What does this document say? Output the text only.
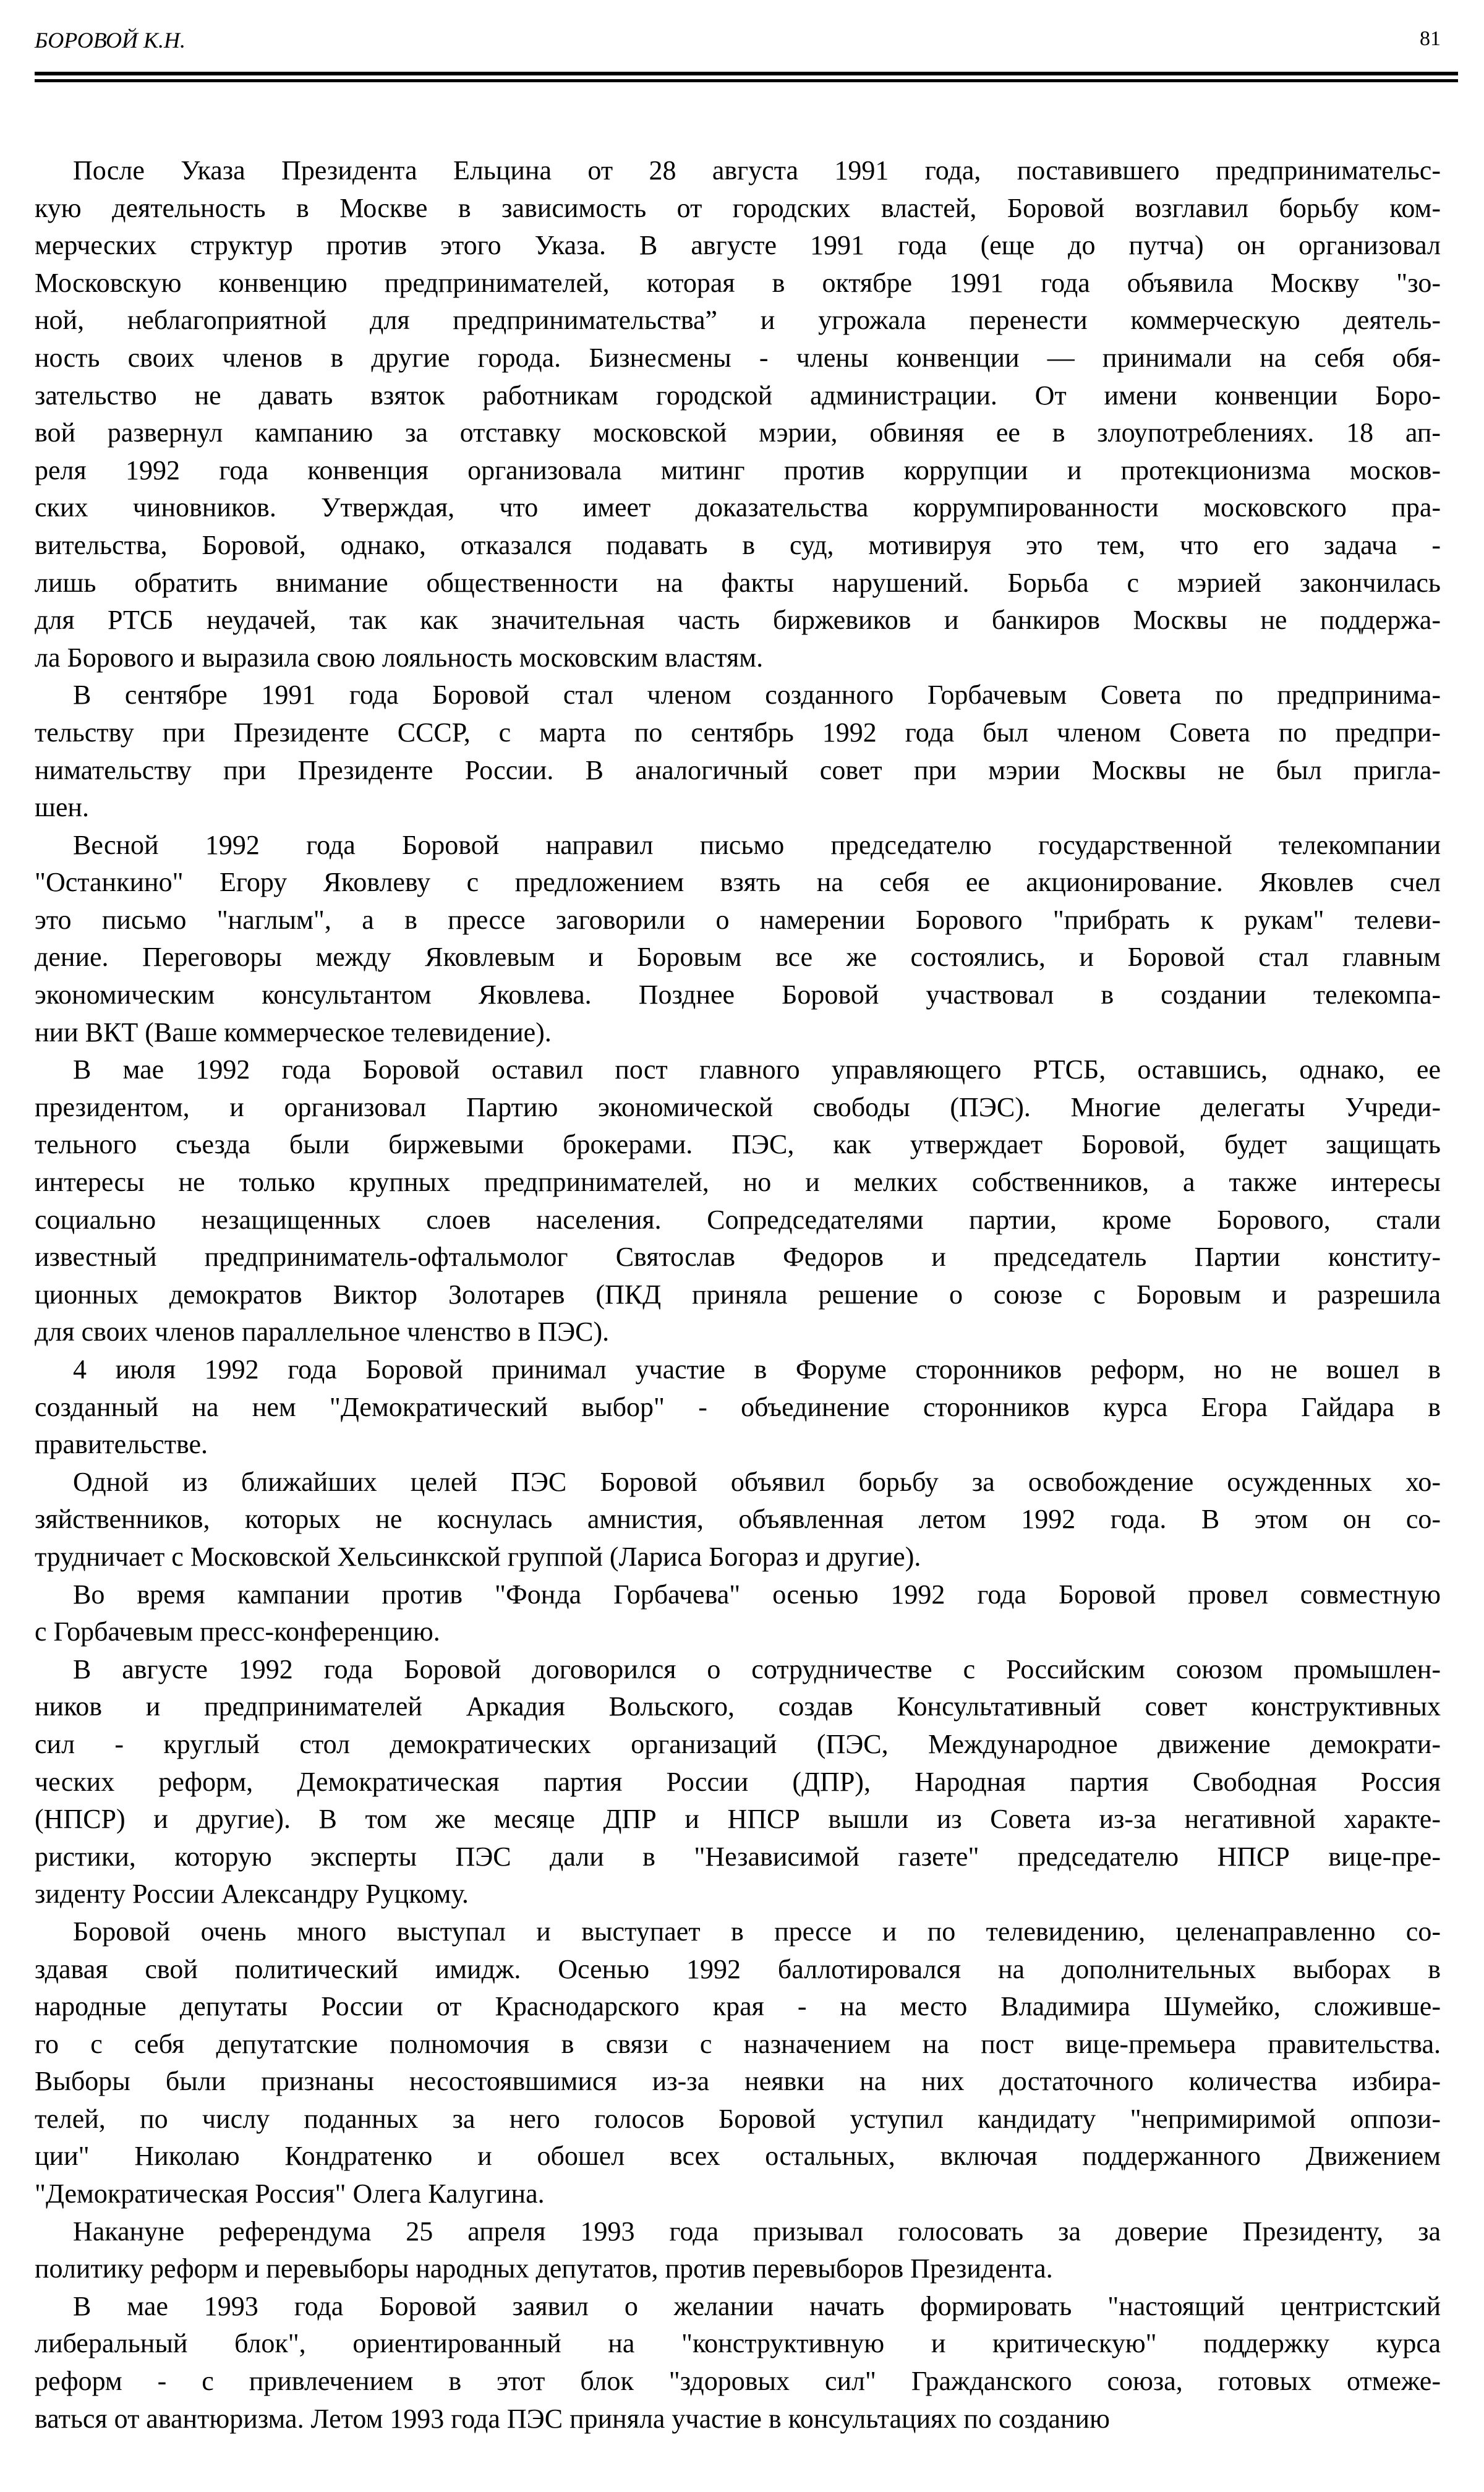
БОРОВОЙ К.Н.	81
После Указа Президента Ельцина от 28 августа 1991 года, поставившего предпринимательс-
кую деятельность в Москве в зависимость от городских властей, Боровой возглавил борьбу ком-
мерческих структур против этого Указа. В августе 1991 года (еще до путча) он организовал
Московскую конвенцию предпринимателей, которая в октябре 1991 года объявила Москву "зо-
ной, неблагоприятной для предпринимательства” и угрожала перенести коммерческую деятель-
ность своих членов в другие города. Бизнесмены - члены конвенции — принимали на себя обя-
зательство не давать взяток работникам городской администрации. От имени конвенции Боро-
вой развернул кампанию за отставку московской мэрии, обвиняя ее в злоупотреблениях. 18 ап-
реля 1992 года конвенция организовала митинг против коррупции и протекционизма москов-
ских чиновников. Утверждая, что имеет доказательства коррумпированности московского пра-
вительства, Боровой, однако, отказался подавать в суд, мотивируя это тем, что его задача -
лишь обратить внимание общественности на факты нарушений. Борьба с мэрией закончилась
для РТСБ неудачей, так как значительная часть биржевиков и банкиров Москвы не поддержа-
ла Борового и выразила свою лояльность московским властям.
В сентябре 1991 года Боровой стал членом созданного Горбачевым Совета по предпринима-
тельству при Президенте СССР, с марта по сентябрь 1992 года был членом Совета по предпри-
нимательству при Президенте России. В аналогичный совет при мэрии Москвы не был пригла-
шен.
Весной 1992 года Боровой направил письмо председателю государственной телекомпании
"Останкино" Егору Яковлеву с предложением взять на себя ее акционирование. Яковлев счел
это письмо "наглым", а в прессе заговорили о намерении Борового "прибрать к рукам" телеви-
дение. Переговоры между Яковлевым и Боровым все же состоялись, и Боровой стал главным
экономическим консультантом Яковлева. Позднее Боровой участвовал в создании телекомпа-
нии ВКТ (Ваше коммерческое телевидение).
В мае 1992 года Боровой оставил пост главного управляющего РТСБ, оставшись, однако, ее
президентом, и организовал Партию экономической свободы (ПЭС). Многие делегаты Учреди-
тельного съезда были биржевыми брокерами. ПЭС, как утверждает Боровой, будет защищать
интересы не только крупных предпринимателей, но и мелких собственников, а также интересы
социально незащищенных слоев населения. Сопредседателями партии, кроме Борового, стали
известный предприниматель-офтальмолог Святослав Федоров и председатель Партии конститу-
ционных демократов Виктор Золотарев (ПКД приняла решение о союзе с Боровым и разрешила
для своих членов параллельное членство в ПЭС).
4 июля 1992 года Боровой принимал участие в Форуме сторонников реформ, но не вошел в
созданный на нем "Демократический выбор" - объединение сторонников курса Егора Гайдара в
правительстве.
Одной из ближайших целей ПЭС Боровой объявил борьбу за освобождение осужденных хо-
зяйственников, которых не коснулась амнистия, объявленная летом 1992 года. В этом он со-
трудничает с Московской Хельсинкской группой (Лариса Богораз и другие).
Во время кампании против "Фонда Горбачева" осенью 1992 года Боровой провел совместную
с Горбачевым пресс-конференцию.
В августе 1992 года Боровой договорился о сотрудничестве с Российским союзом промышлен-
ников и предпринимателей Аркадия Вольского, создав Консультативный совет конструктивных
сил - круглый стол демократических организаций (ПЭС, Международное движение демократи-
ческих реформ, Демократическая партия России (ДПР), Народная партия Свободная Россия
(НПСР) и другие). В том же месяце ДПР и НПСР вышли из Совета из-за негативной характе-
ристики, которую эксперты ПЭС дали в "Независимой газете" председателю НПСР вице-пре-
зиденту России Александру Руцкому.
Боровой очень много выступал и выступает в прессе и по телевидению, целенаправленно со-
здавая свой политический имидж. Осенью 1992 баллотировался на дополнительных выборах в
народные депутаты России от Краснодарского края - на место Владимира Шумейко, сложивше-
го с себя депутатские полномочия в связи с назначением на пост вице-премьера правительства.
Выборы были признаны несостоявшимися из-за неявки на них достаточного количества избира-
телей, по числу поданных за него голосов Боровой уступил кандидату "непримиримой оппози-
ции" Николаю Кондратенко и обошел всех остальных, включая поддержанного Движением
"Демократическая Россия" Олега Калугина.
Накануне референдума 25 апреля 1993 года призывал голосовать за доверие Президенту, за
политику реформ и перевыборы народных депутатов, против перевыборов Президента.
В мае 1993 года Боровой заявил о желании начать формировать "настоящий центристский
либеральный блок", ориентированный на "конструктивную и критическую" поддержку курса
реформ - с привлечением в этот блок "здоровых сил" Гражданского союза, готовых отмеже-
ваться от авантюризма. Летом 1993 года ПЭС приняла участие в консультациях по созданию
